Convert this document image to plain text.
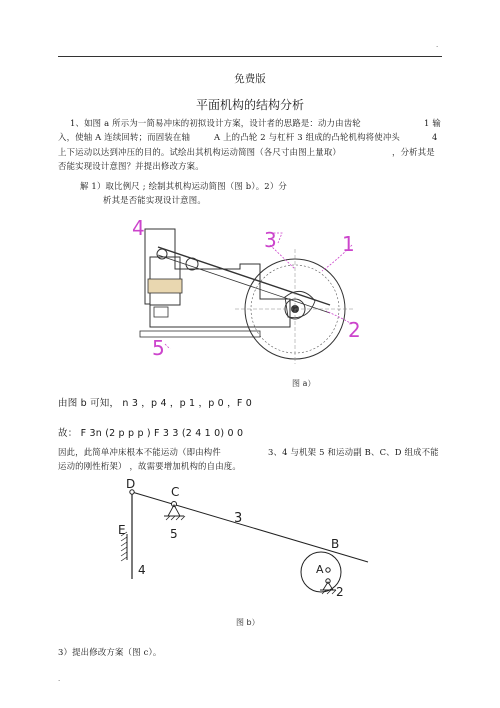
.
免费版
平面机构的结构分析
1、如图 a 所示为一简易冲床的初拟设计方案，设计者的思路是：动力由齿轮	1 输
入，使轴 A 连续回转；而固装在轴	A 上的凸轮 2 与杠杆 3 组成的凸轮机构将使冲头	4
上下运动以达到冲压的目的。试绘出其机构运动简图（各尺寸由图上量取）	，分析其是
否能实现设计意图？并提出修改方案。
解 1）取比例尺 ; 绘制其机构运动简图（图 b）。2）分
析其是否能实现设计意图。
4	3	1
2
5
图 a）
由图 b 可知， n 3 ，p 4 ，p 1 ，p 0 ，F 0
故： F 3n (2 p p p ) F 3 3 (2 4 1 0) 0 0
因此，此简单冲床根本不能运动（即由构件	3、4 与机架 5 和运动副 B、C、D 组成不能
运动的刚性桁架） ，故需要增加机构的自由度。
D
C
3
E	5
4
B
A
2
图 b）
3）提出修改方案（图 c）。
.
